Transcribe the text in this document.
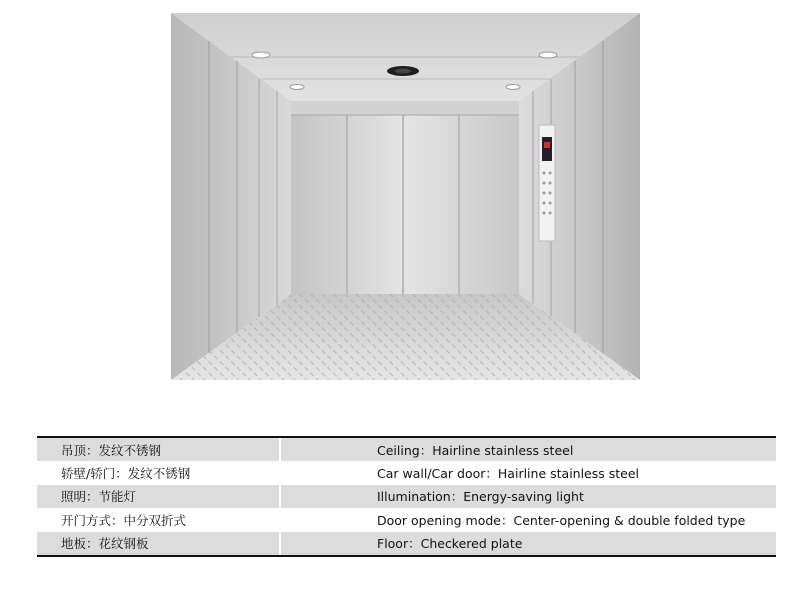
吊顶：发纹不锈钢	Ceiling：Hairline stainless steel
轿壁/轿门：发纹不锈钢	Car wall/Car door：Hairline stainless steel
照明：节能灯	Illumination：Energy-saving light
开门方式：中分双折式	Door opening mode：Center-opening & double folded type
地板：花纹钢板	Floor：Checkered plate
